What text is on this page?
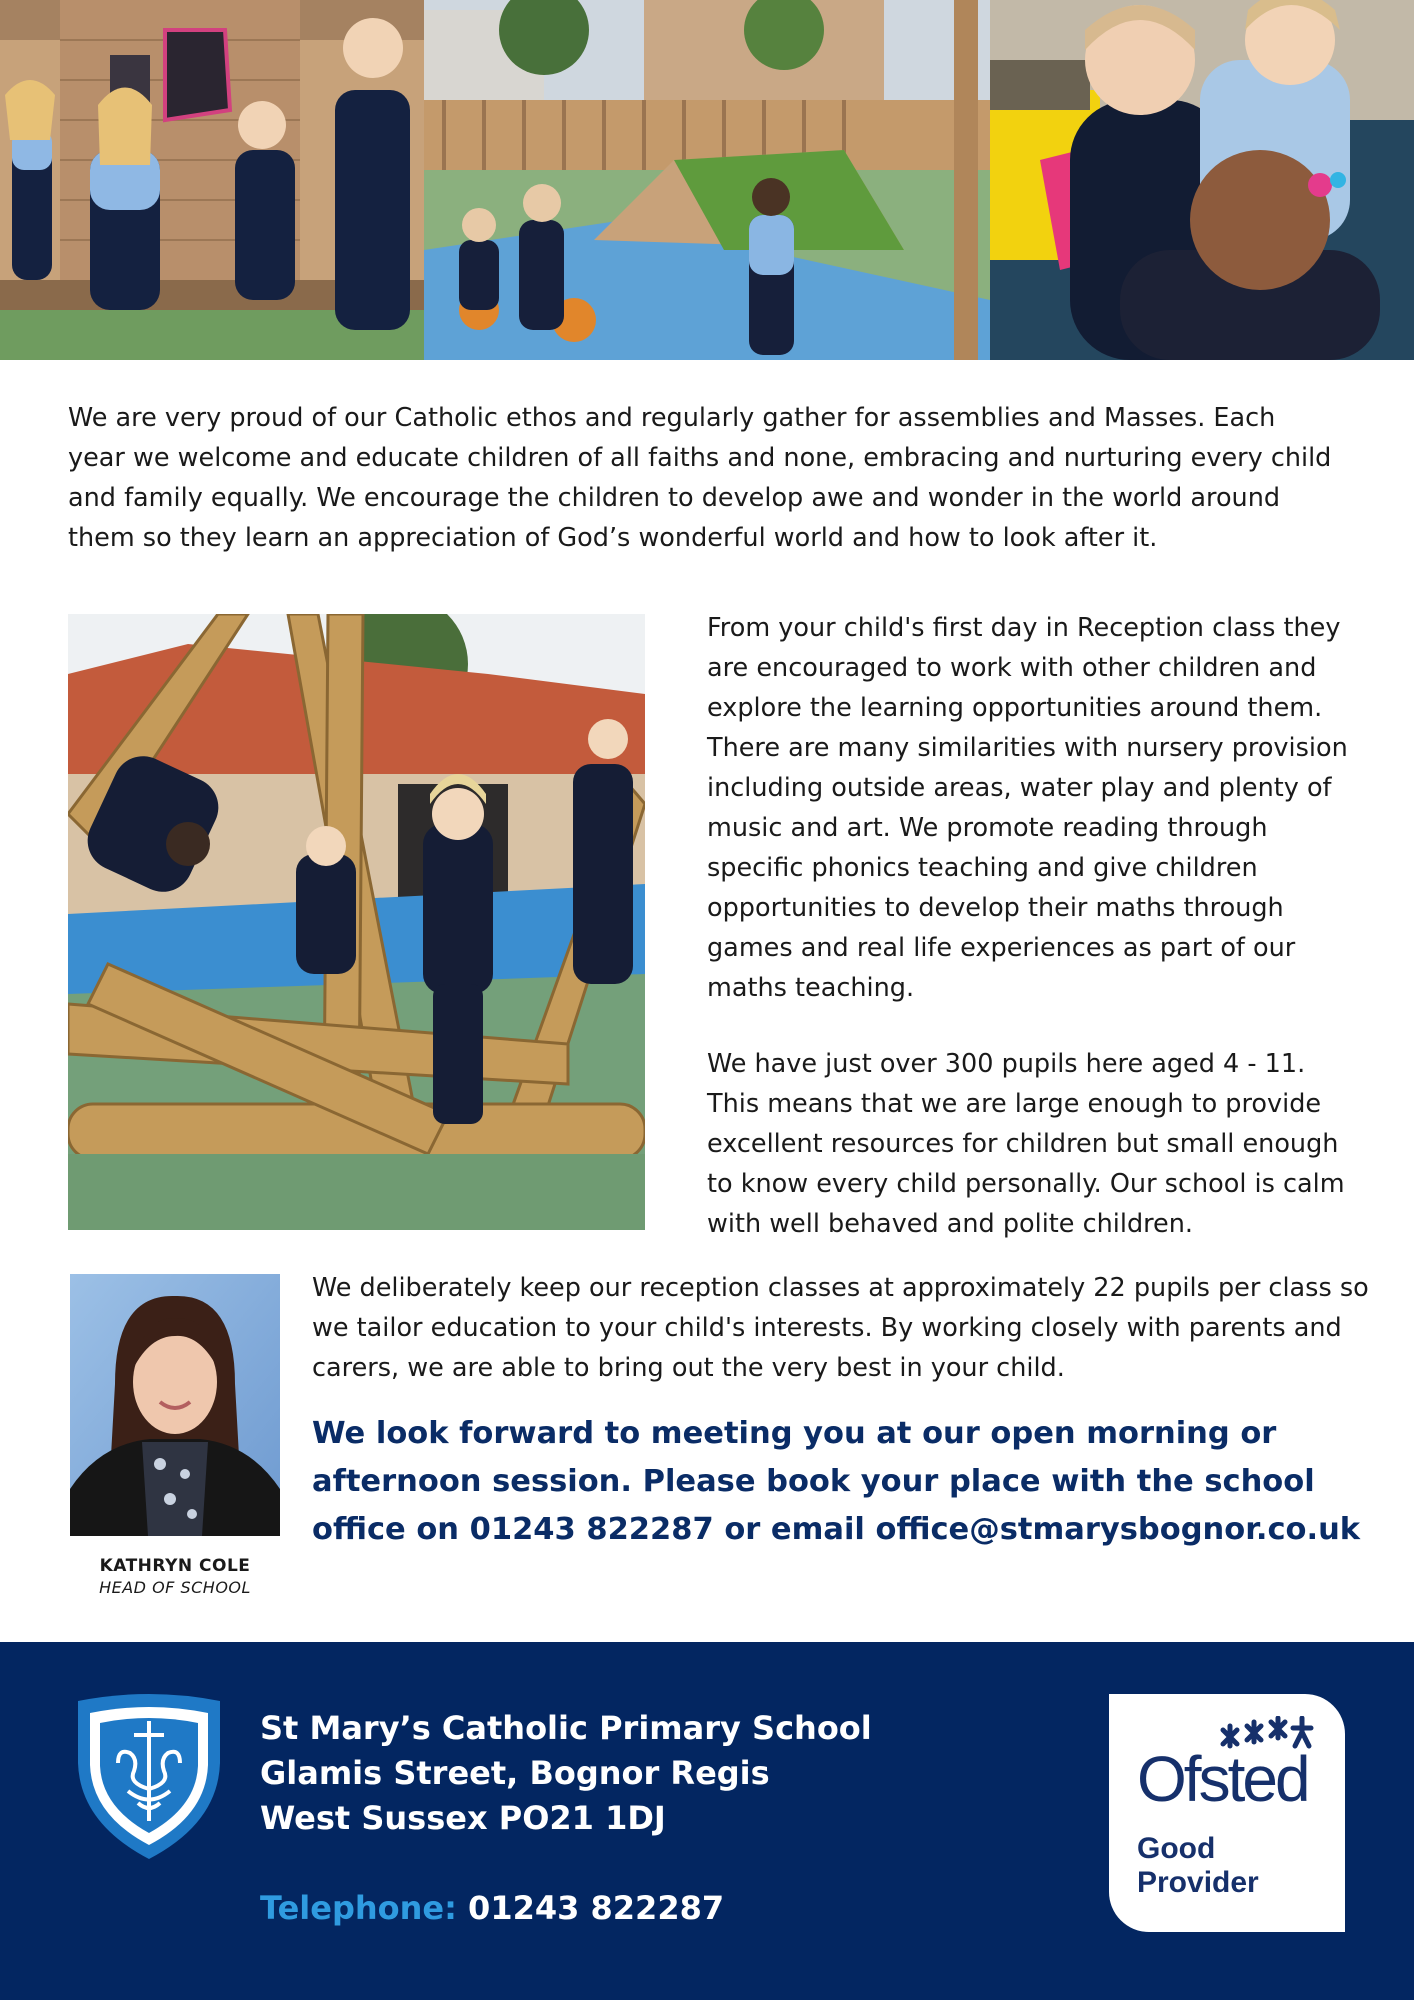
We are very proud of our Catholic ethos and regularly gather for assemblies and Masses. Each year we welcome and educate children of all faiths and none, embracing and nurturing every child and family equally. We encourage the children to develop awe and wonder in the world around them so they learn an appreciation of God’s wonderful world and how to look after it.

From your child's first day in Reception class they are encouraged to work with other children and explore the learning opportunities around them. There are many similarities with nursery provision including outside areas, water play and plenty of music and art. We promote reading through specific phonics teaching and give children opportunities to develop their maths through games and real life experiences as part of our maths teaching.

We have just over 300 pupils here aged 4 - 11. This means that we are large enough to provide excellent resources for children but small enough to know every child personally. Our school is calm with well behaved and polite children.

KATHRYN COLE
HEAD OF SCHOOL

We deliberately keep our reception classes at approximately 22 pupils per class so we tailor education to your child's interests. By working closely with parents and carers, we are able to bring out the very best in your child.

We look forward to meeting you at our open morning or afternoon session. Please book your place with the school office on 01243 822287 or email office@stmarysbognor.co.uk

St Mary’s Catholic Primary School
Glamis Street, Bognor Regis
West Sussex PO21 1DJ
Telephone: 01243 822287
Ofsted
Good
Provider
